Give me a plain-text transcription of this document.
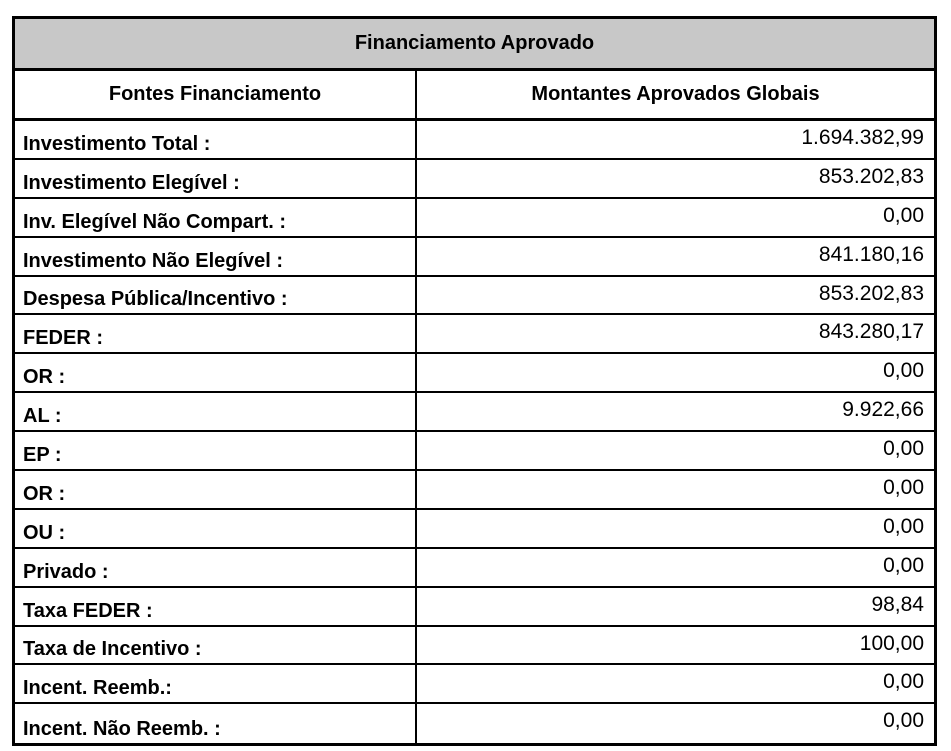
Financiamento Aprovado
Fontes Financiamento	Montantes Aprovados Globais
Investimento Total :	1.694.382,99
Investimento Elegível :	853.202,83
Inv. Elegível Não Compart. :	0,00
Investimento Não Elegível :	841.180,16
Despesa Pública/Incentivo :	853.202,83
FEDER :	843.280,17
OR :	0,00
AL :	9.922,66
EP :	0,00
OR :	0,00
OU :	0,00
Privado :	0,00
Taxa FEDER :	98,84
Taxa de Incentivo :	100,00
Incent. Reemb.:	0,00
Incent. Não Reemb. :	0,00
